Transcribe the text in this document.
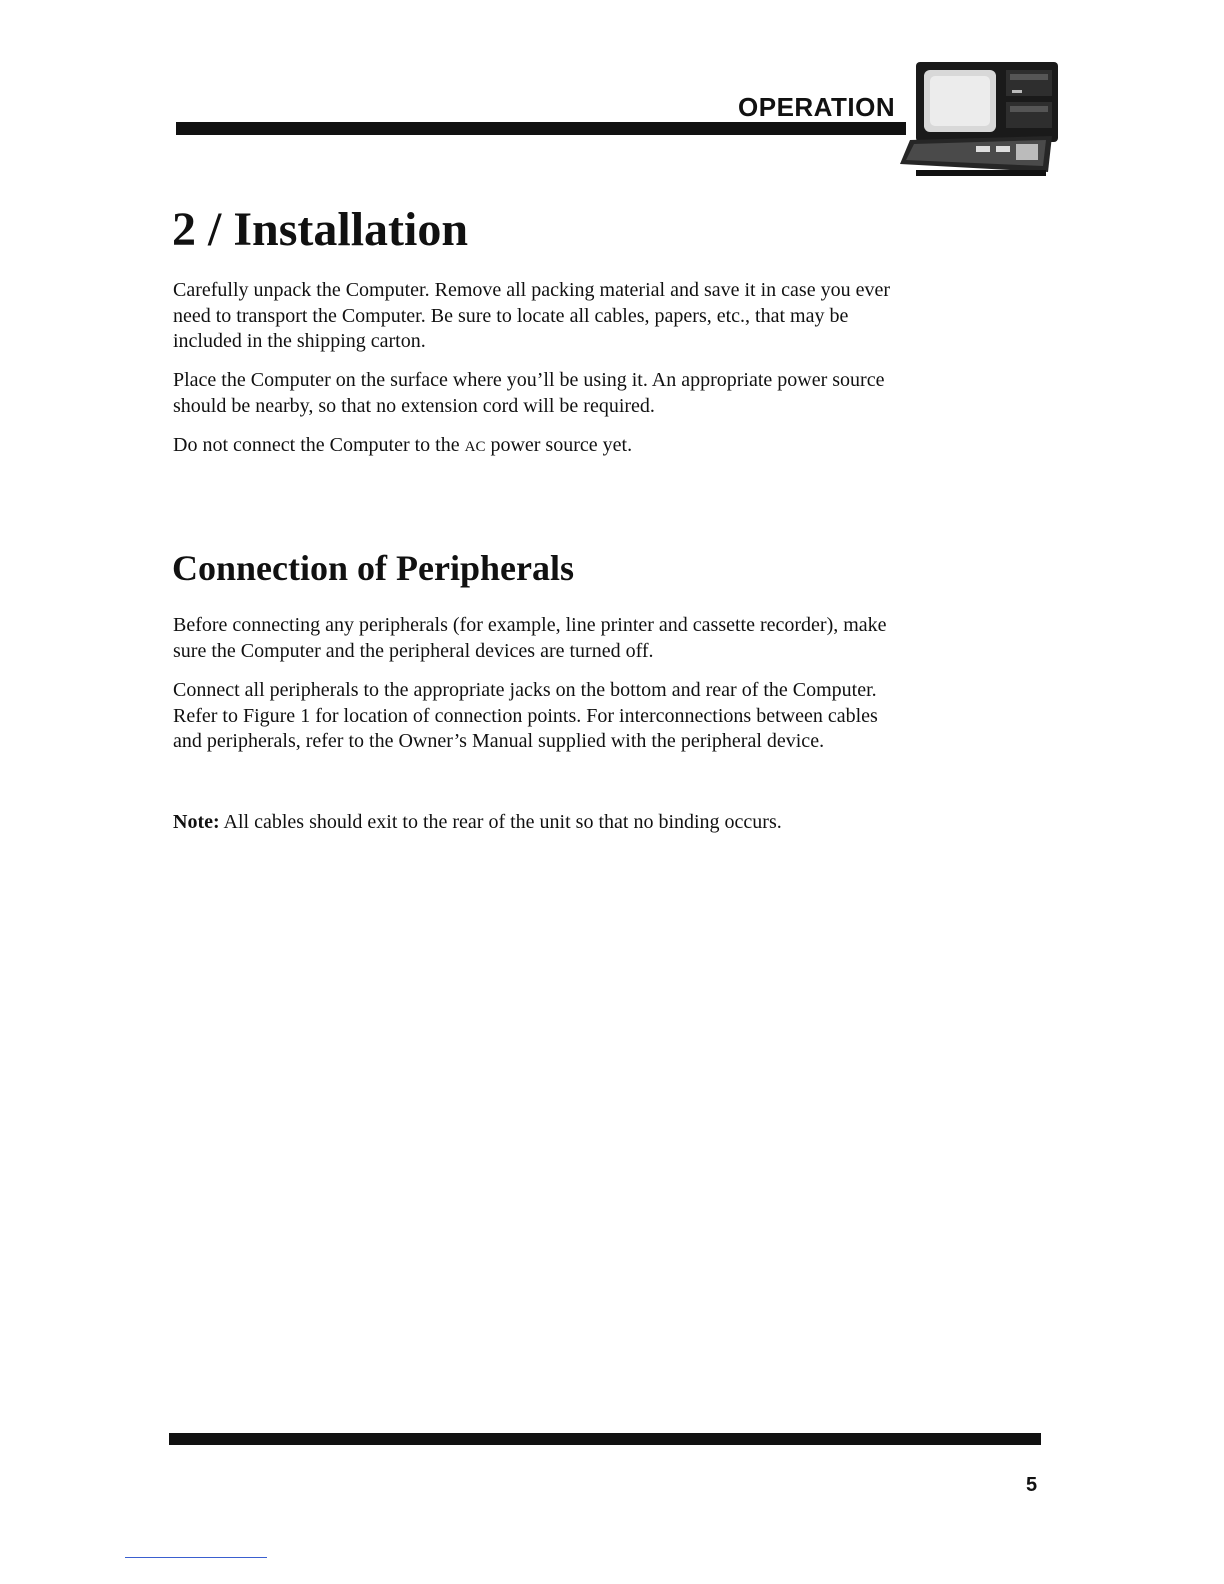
OPERATION
2 / Installation

Carefully unpack the Computer. Remove all packing material and save it in case you ever need to transport the Computer. Be sure to locate all cables, papers, etc., that may be included in the shipping carton.

Place the Computer on the surface where you’ll be using it. An appropriate power source should be nearby, so that no extension cord will be required.

Do not connect the Computer to the AC power source yet.

Connection of Peripherals

Before connecting any peripherals (for example, line printer and cassette recorder), make sure the Computer and the peripheral devices are turned off.

Connect all peripherals to the appropriate jacks on the bottom and rear of the Computer. Refer to Figure 1 for location of connection points. For interconnections between cables and peripherals, refer to the Owner’s Manual supplied with the peripheral device.

Note: All cables should exit to the rear of the unit so that no binding occurs.

5
